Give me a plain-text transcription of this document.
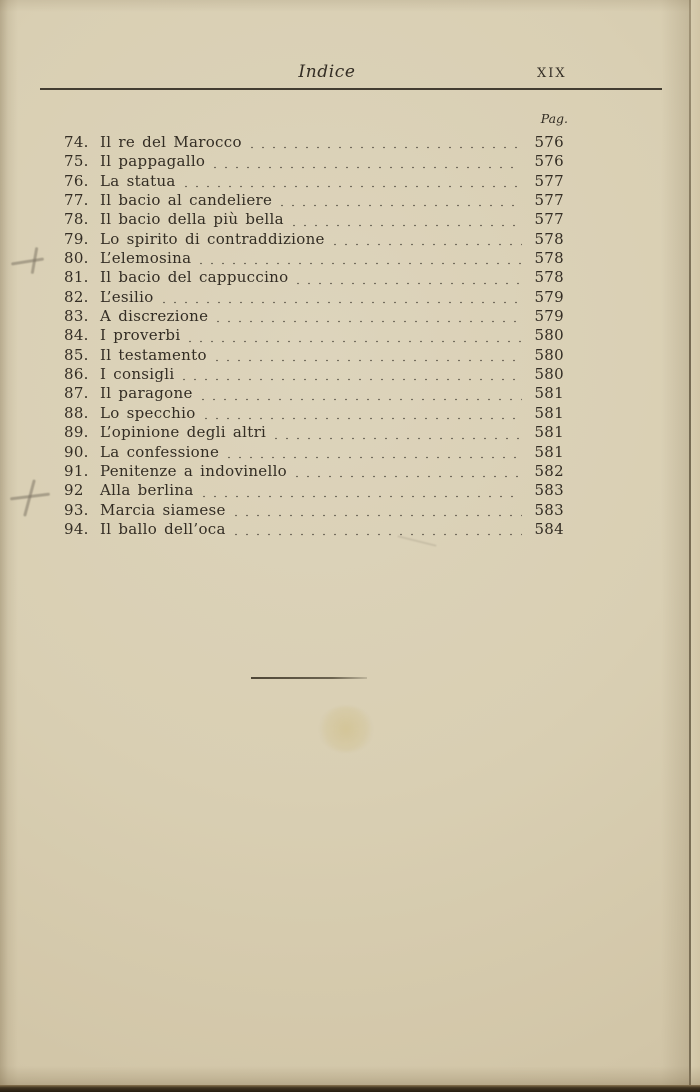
Indice	XIX
Pag.
74. Il re del Marocco	576
75. Il pappagallo	576
76. La statua	577
77. Il bacio al candeliere	577
78. Il bacio della più bella	577
79. Lo spirito di contraddizione	578
80. L’elemosina	578
81. Il bacio del cappuccino	578
82. L’esilio	579
83. A discrezione	579
84. I proverbi	580
85. Il testamento	580
86. I consigli	580
87. Il paragone	581
88. Lo specchio	581
89. L’opinione degli altri	581
90. La confessione	581
91. Penitenze a indovinello	582
92	Alla berlina	583
93. Marcia siamese	583
94. Il ballo dell’oca	584
